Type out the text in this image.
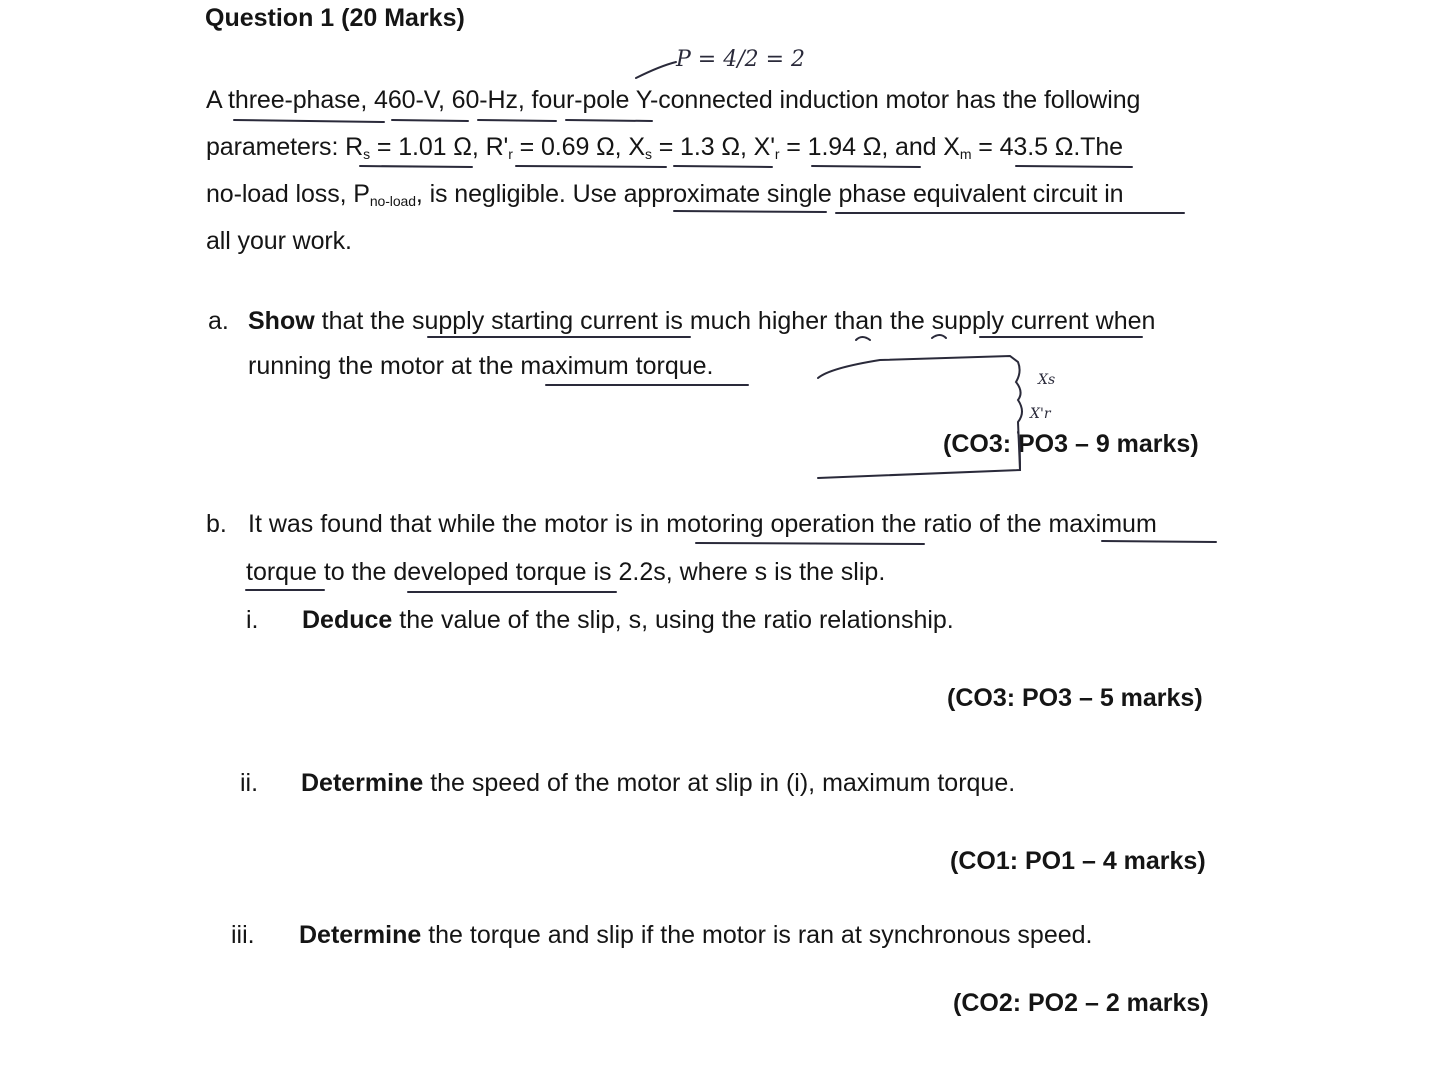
Question 1 (20 Marks)
A three-phase, 460-V, 60-Hz, four-pole Y-connected induction motor has the following
parameters: $R_s = 1.01$ Ω, $R'_r = 0.69$ Ω, $X_s = 1.3$ Ω, $X'_r = 1.94$ Ω, and $X_m = 43.5$ Ω.The
no-load loss, $P_{no-load}$, is negligible. Use approximate single phase equivalent circuit in
all your work.
a. Show that the supply starting current is much higher than the supply current when
running the motor at the maximum torque.
(CO3: PO3 – 9 marks)
b. It was found that while the motor is in motoring operation the ratio of the maximum
torque to the developed torque is 2.2s, where s is the slip.
i. Deduce the value of the slip, s, using the ratio relationship.
(CO3: PO3 – 5 marks)
ii. Determine the speed of the motor at slip in (i), maximum torque.
(CO1: PO1 – 4 marks)
iii. Determine the torque and slip if the motor is ran at synchronous speed.
(CO2: PO2 – 2 marks)
P = 4/2 = 2
Xs
X'r
